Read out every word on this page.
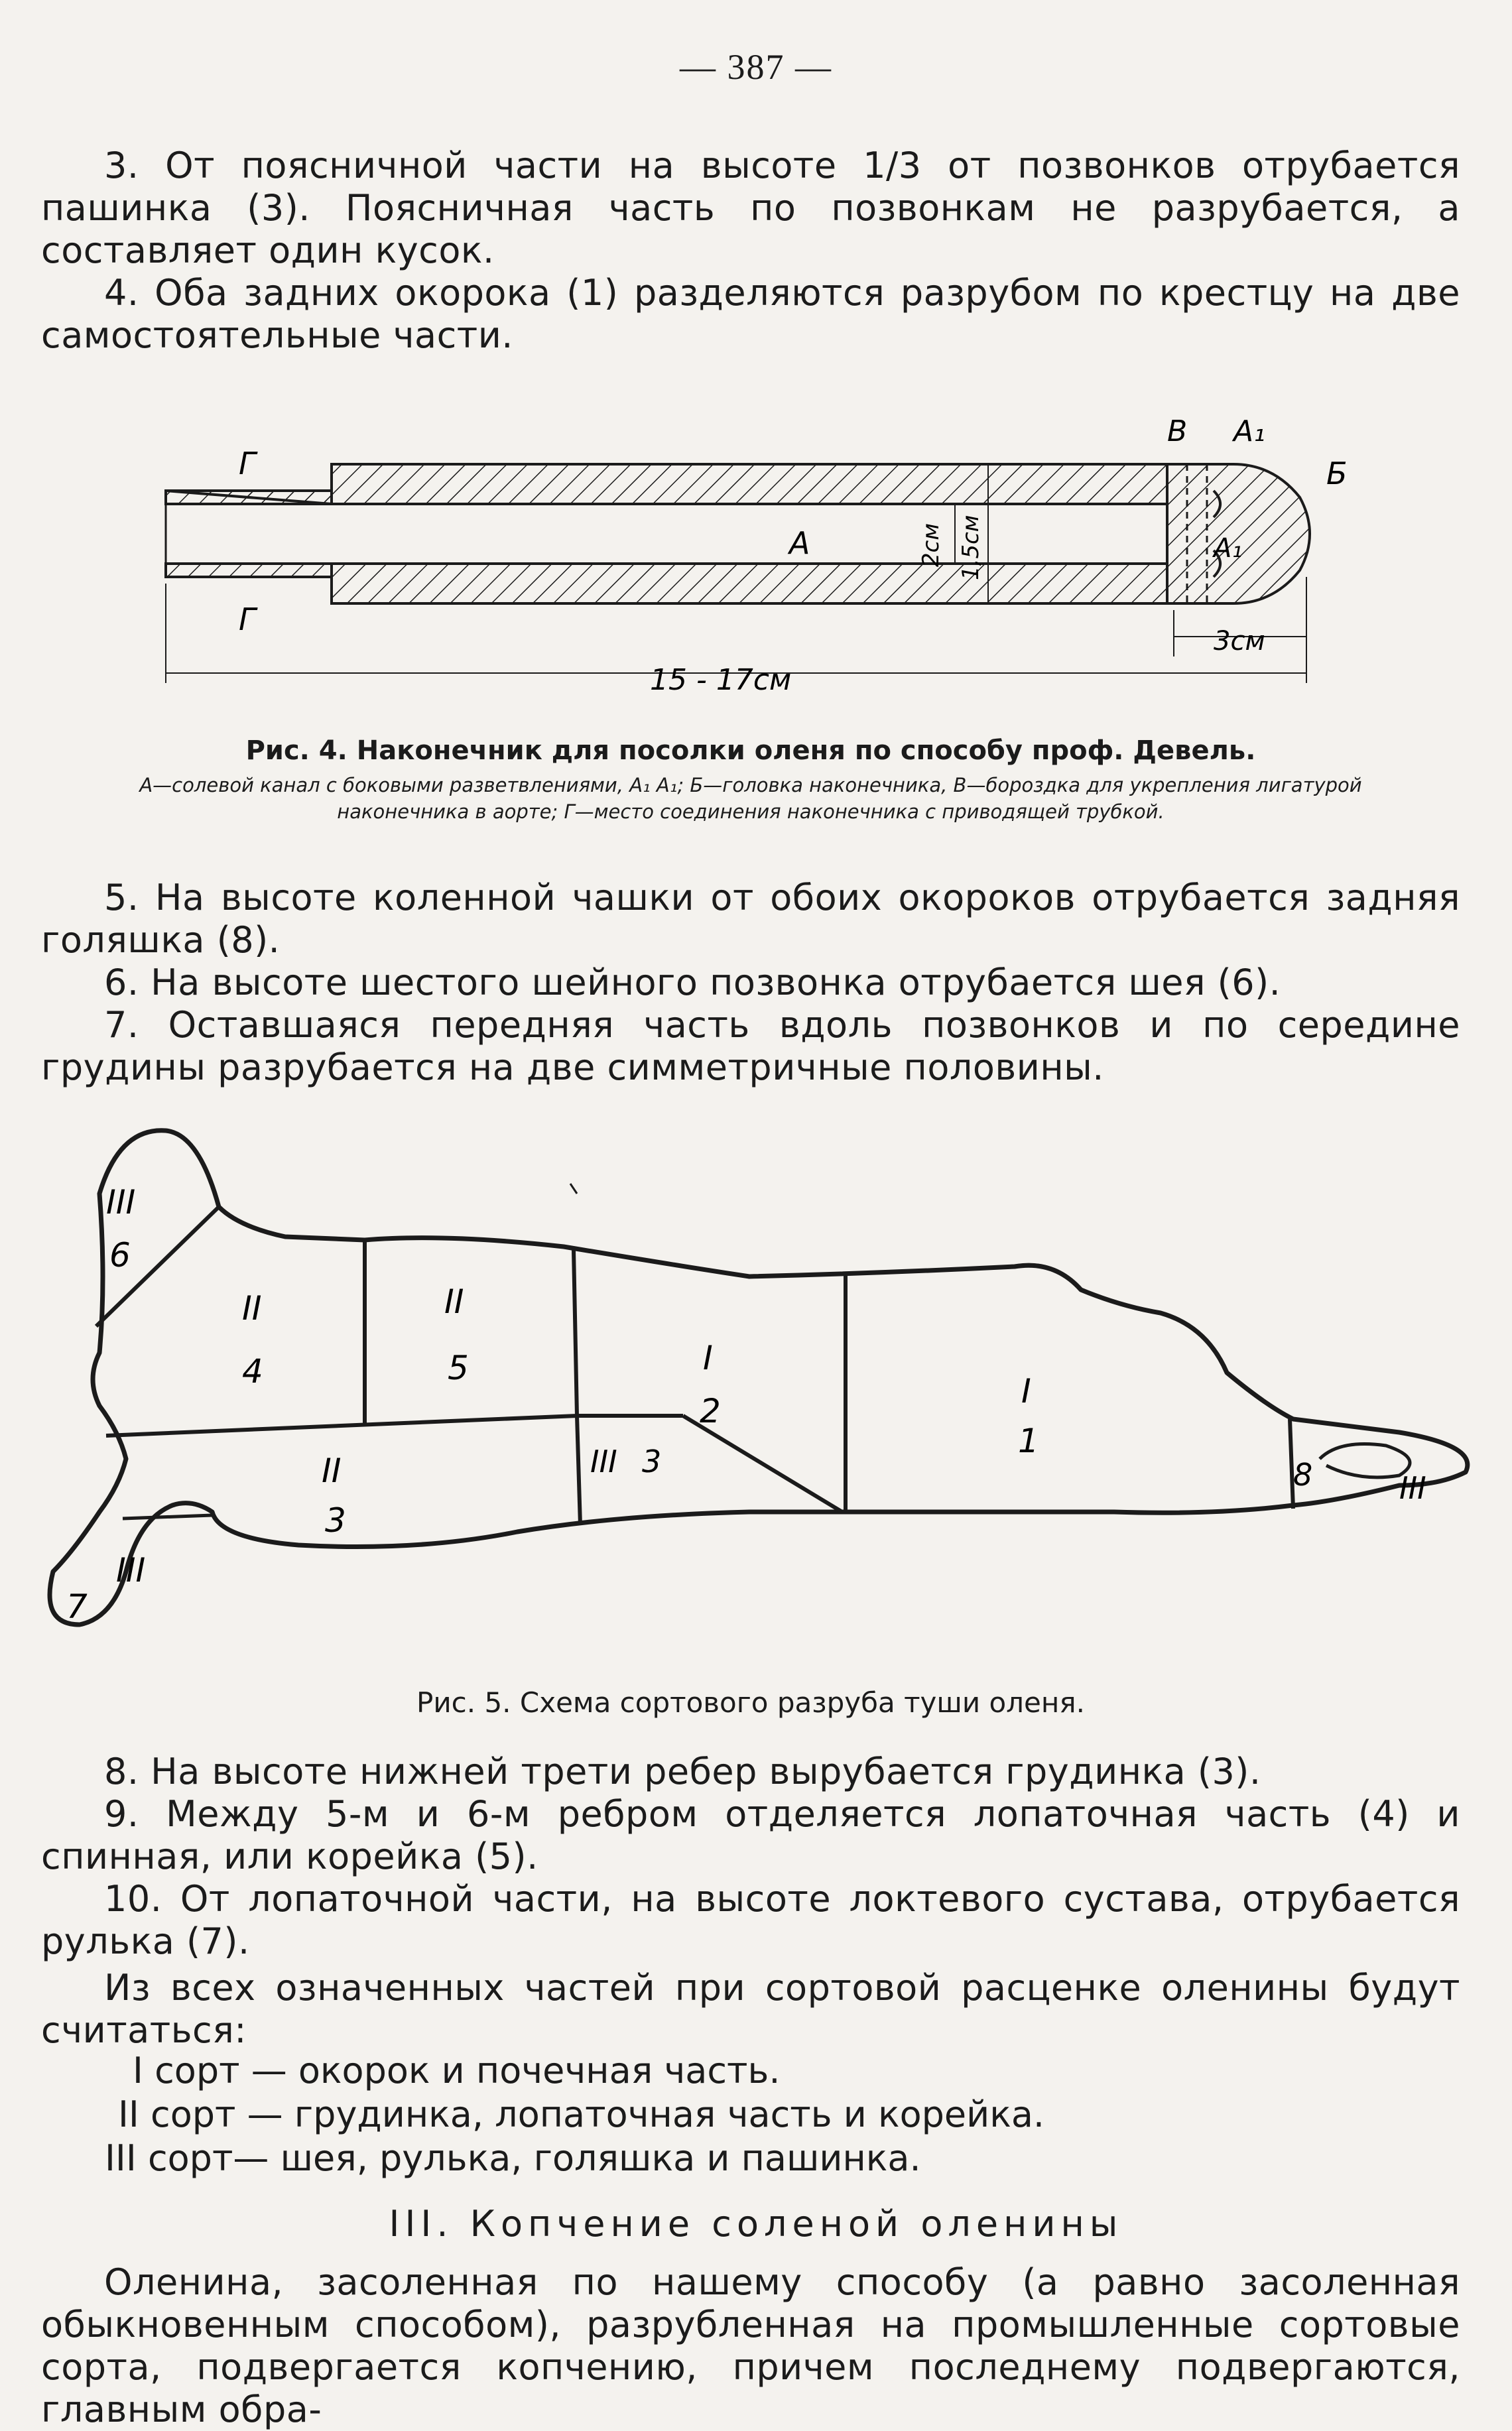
— 387 —

3. От поясничной части на высоте 1/3 от позвонков отрубается пашинка (3). Поясничная часть по позвонкам не разрубается, а составляет один кусок.

4. Оба задних окорока (1) разделяются разрубом по крестцу на две самостоятельные части.

Г
Г
А
Б
В А₁
А₁
2см 1,5см
3см
15 - 17см
Рис. 4. Наконечник для посолки оленя по способу проф. Девель.
А—солевой канал с боковыми разветвлениями, А₁ А₁; Б—головка наконечника, В—бороздка для укрепления лигатурой наконечника в аорте; Г—место соединения наконечника с приводящей трубкой.

5. На высоте коленной чашки от обоих окороков отрубается задняя голяшка (8).

6. На высоте шестого шейного позвонка отрубается шея (6).

7. Оставшаяся передняя часть вдоль позвонков и по середине грудины разрубается на две симметричные половины.

III
6
II
4
II
5	I
2
I
1
II
3
III 3
III
7
III
8
Рис. 5. Схема сортового разруба туши оленя.

8. На высоте нижней трети ребер вырубается грудинка (3).

9. Между 5-м и 6-м ребром отделяется лопаточная часть (4) и спинная, или корейка (5).

10. От лопаточной части, на высоте локтевого сустава, отрубается рулька (7).

Из всех означенных частей при сортовой расценке оленины будут считаться:

I сорт — окорок и почечная часть.
II сорт — грудинка, лопаточная часть и корейка.
III сорт— шея, рулька, голяшка и пашинка.
III. Копчение соленой оленины

Оленина, засоленная по нашему способу (а равно засоленная обыкновенным способом), разрубленная на промышленные сортовые сорта, подвергается копчению, причем последнему подвергаются, главным обра-
